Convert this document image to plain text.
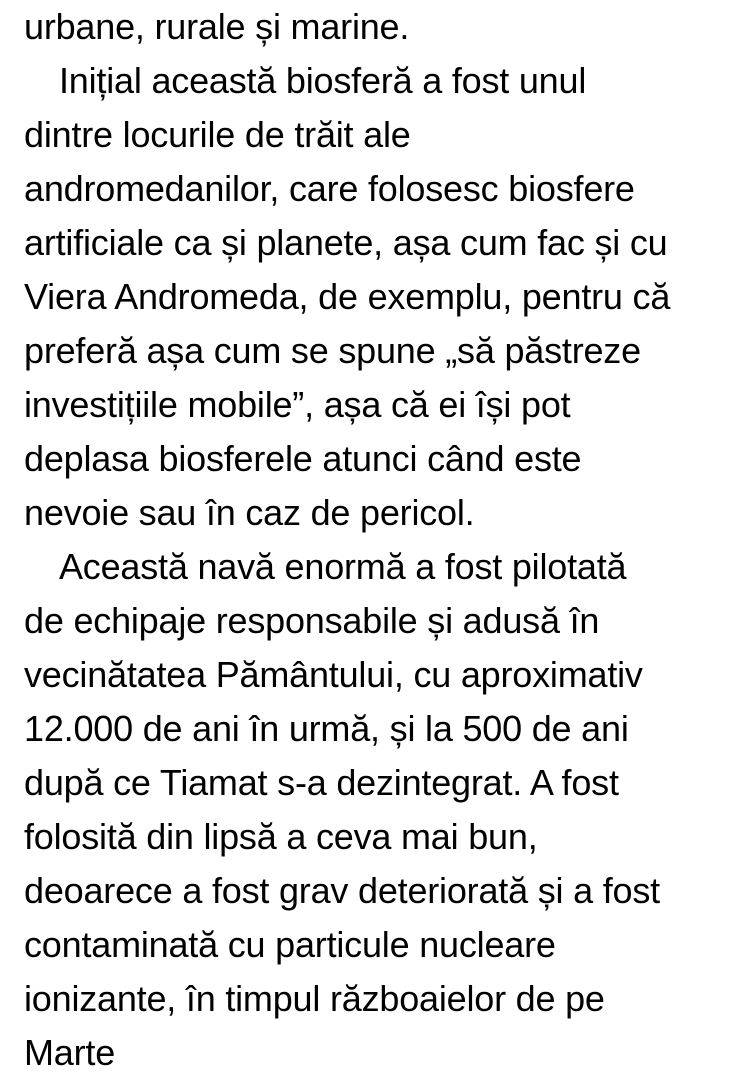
urbane, rurale și marine.
Inițial această biosferă a fost unul
dintre locurile de trăit ale
andromedanilor, care folosesc biosfere
artificiale ca și planete, așa cum fac și cu
Viera Andromeda, de exemplu, pentru că
preferă așa cum se spune „să păstreze
investițiile mobile”, așa că ei își pot
deplasa biosferele atunci când este
nevoie sau în caz de pericol.
Această navă enormă a fost pilotată
de echipaje responsabile și adusă în
vecinătatea Pământului, cu aproximativ
12.000 de ani în urmă, și la 500 de ani
după ce Tiamat s-a dezintegrat. A fost
folosită din lipsă a ceva mai bun,
deoarece a fost grav deteriorată și a fost
contaminată cu particule nucleare
ionizante, în timpul războaielor de pe
Marte
